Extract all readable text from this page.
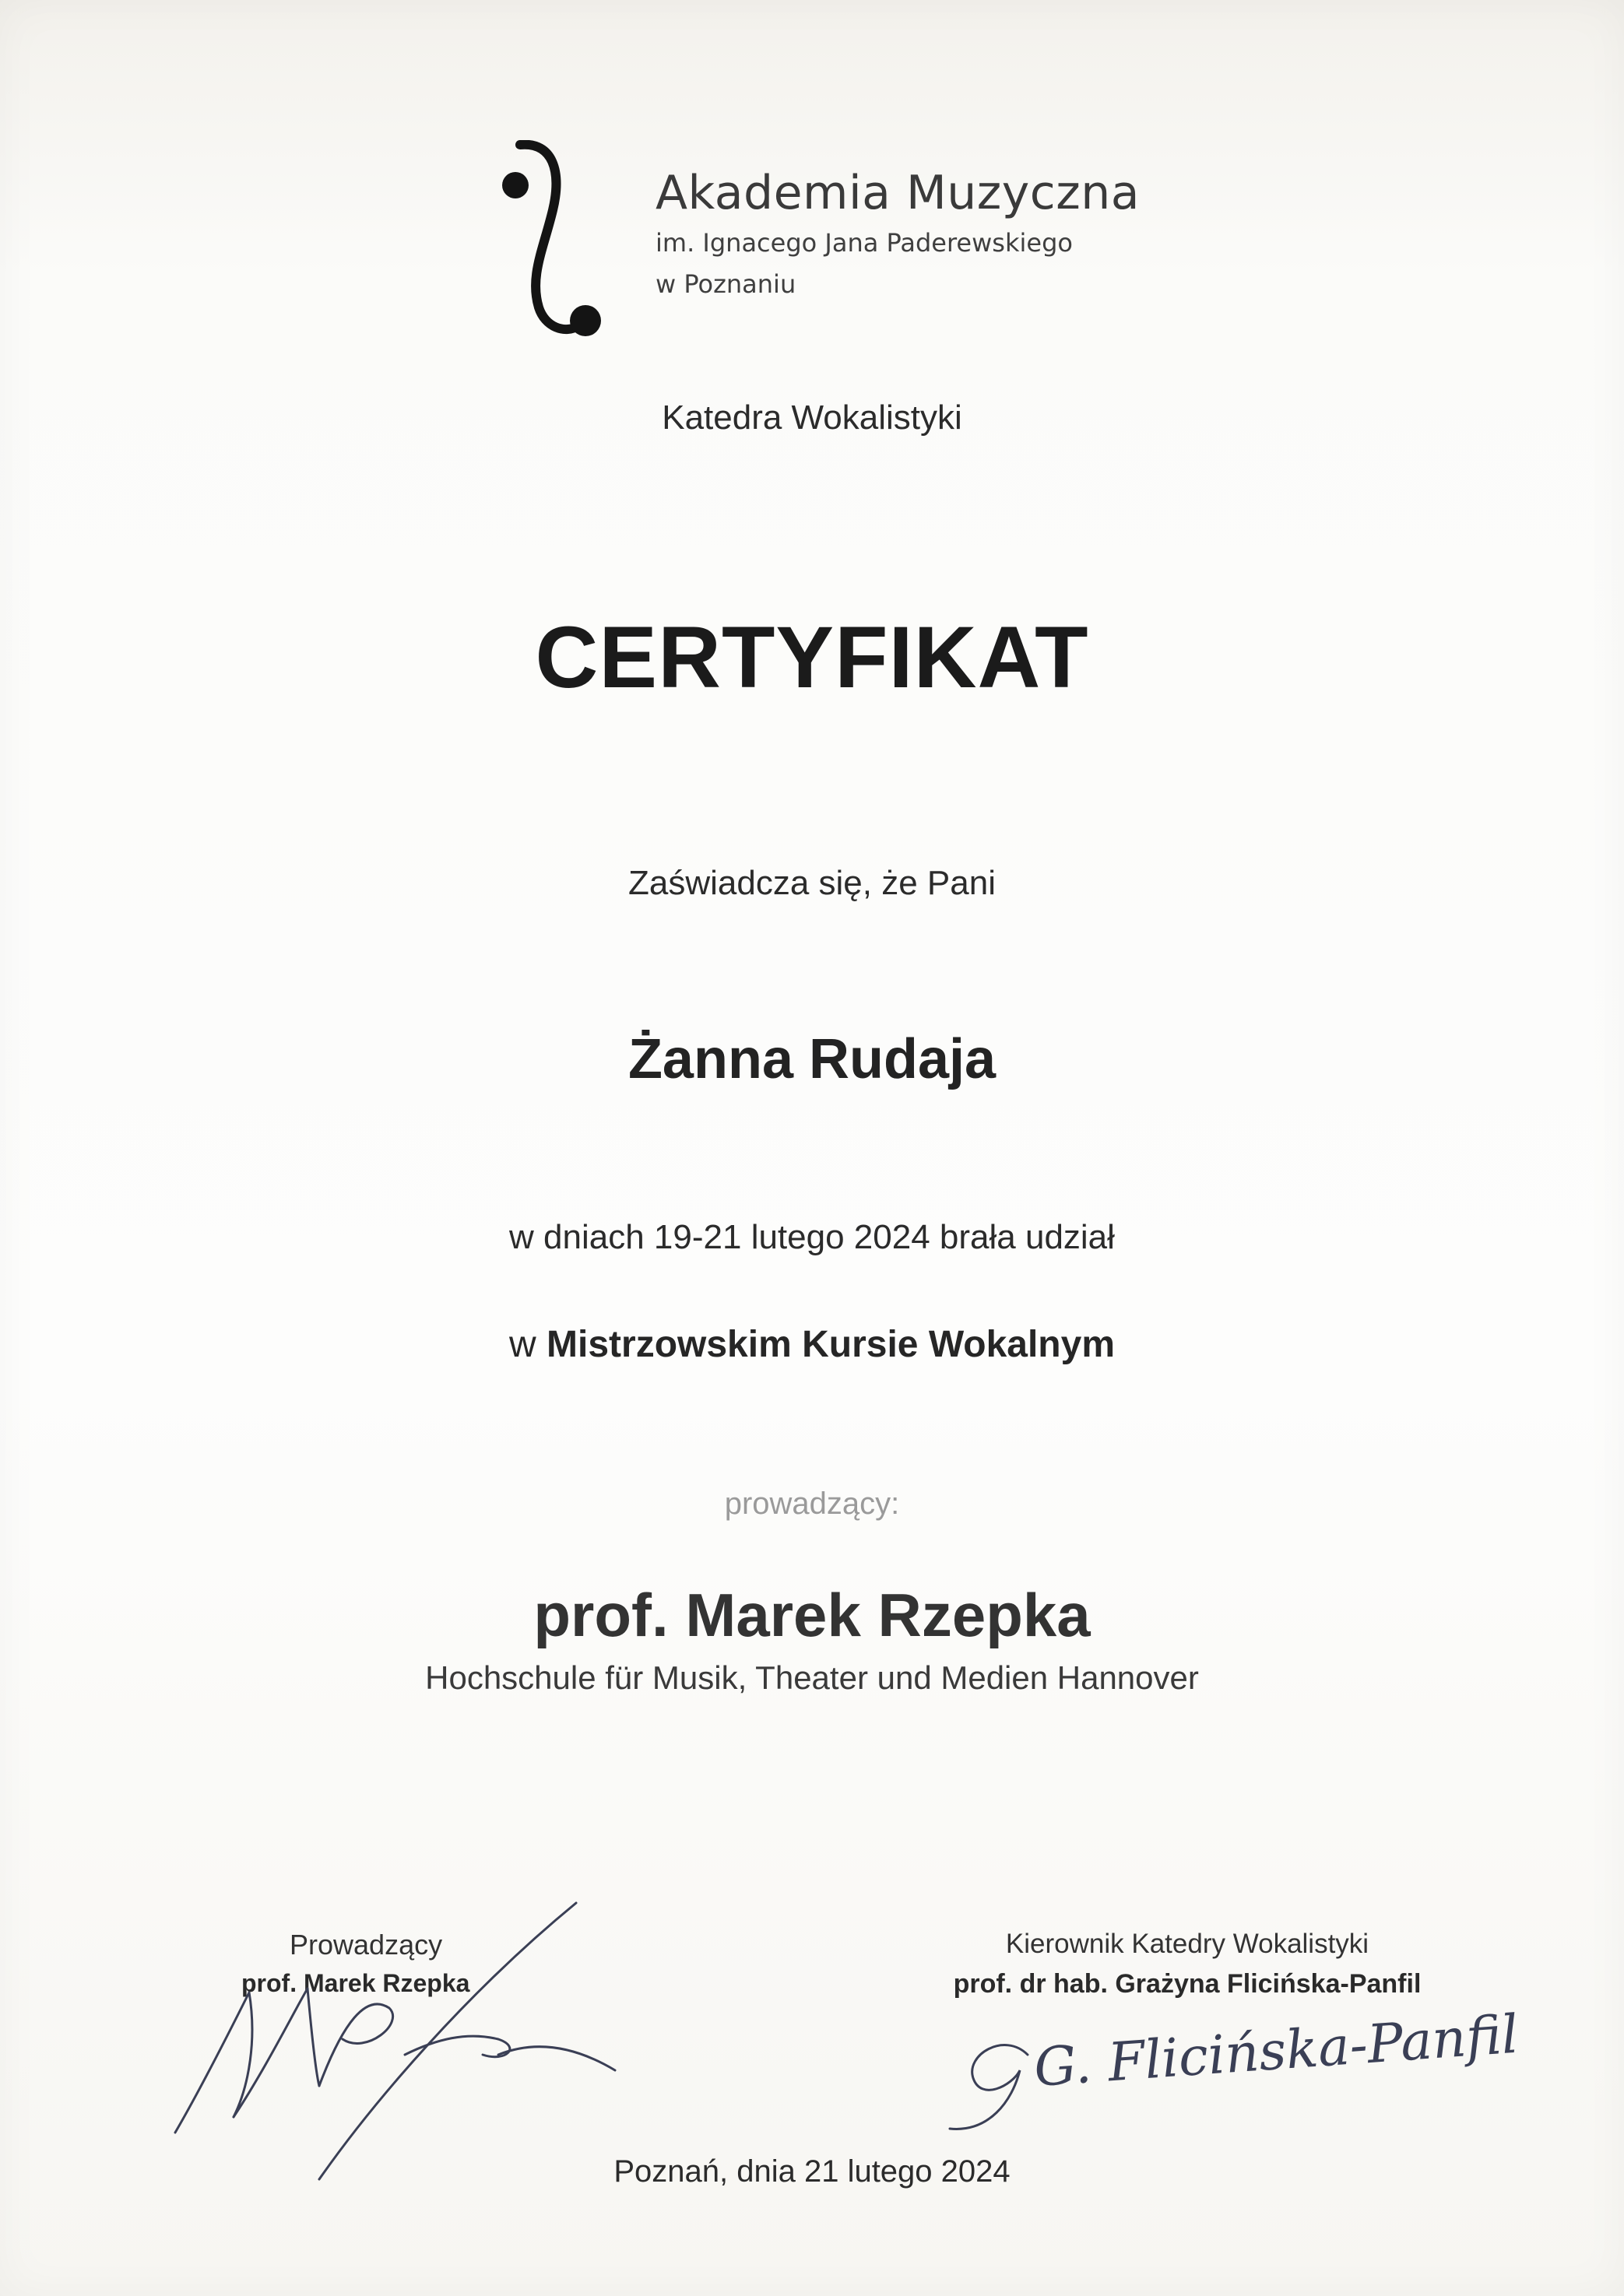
Akademia Muzyczna
im. Ignacego Jana Paderewskiego
w Poznaniu
Katedra Wokalistyki
CERTYFIKAT
Zaświadcza się, że Pani
Żanna Rudaja
w dniach 19-21 lutego 2024 brała udział
w Mistrzowskim Kursie Wokalnym
prowadzący:
prof. Marek Rzepka
Hochschule für Musik, Theater und Medien Hannover
Prowadzący
prof. Marek Rzepka
Kierownik Katedry Wokalistyki
prof. dr hab. Grażyna Flicińska-Panfil
G. Flicińska-Panfil
Poznań, dnia 21 lutego 2024
